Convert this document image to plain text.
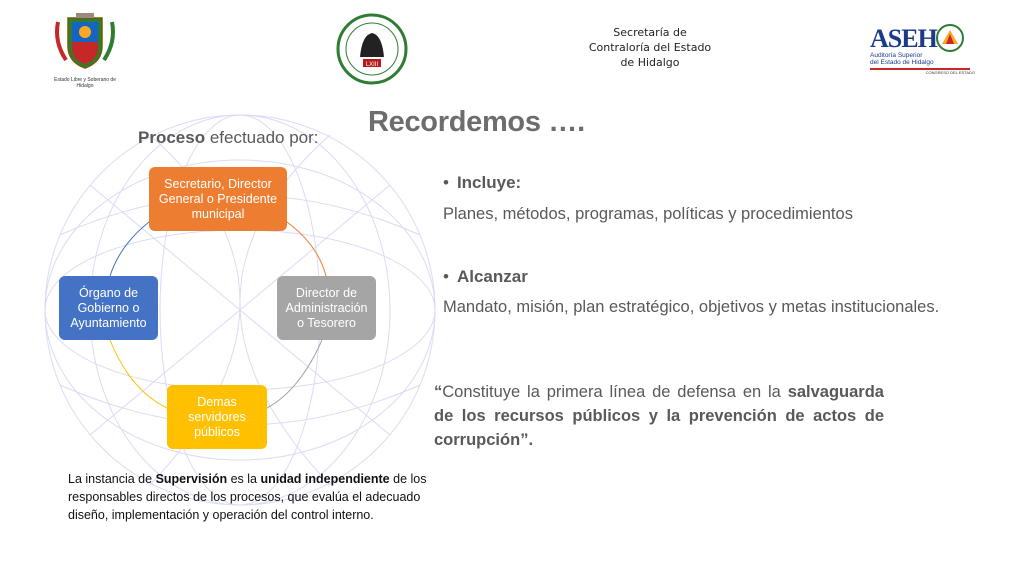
Estado Libre y Soberano de Hidalgo
LXIII
Secretaría de
Contraloría del Estado
de Hidalgo
ASEH
Auditoría Superior
del Estado de Hidalgo
CONGRESO DEL ESTADO
Recordemos ….
Proceso efectuado por:
Secretario, Director General o Presidente municipal
Director de Administración o Tesorero
Demas servidores públicos
Órgano de Gobierno o Ayuntamiento
• Incluye:
Planes, métodos, programas, políticas y procedimientos
• Alcanzar
Mandato, misión, plan estratégico, objetivos y metas institucionales.
“Constituye la primera línea de defensa en la salvaguarda de los recursos públicos y la prevención de actos de corrupción”.
La instancia de Supervisión es la unidad independiente de los responsables directos de los procesos, que evalúa el adecuado diseño, implementación y operación del control interno.
